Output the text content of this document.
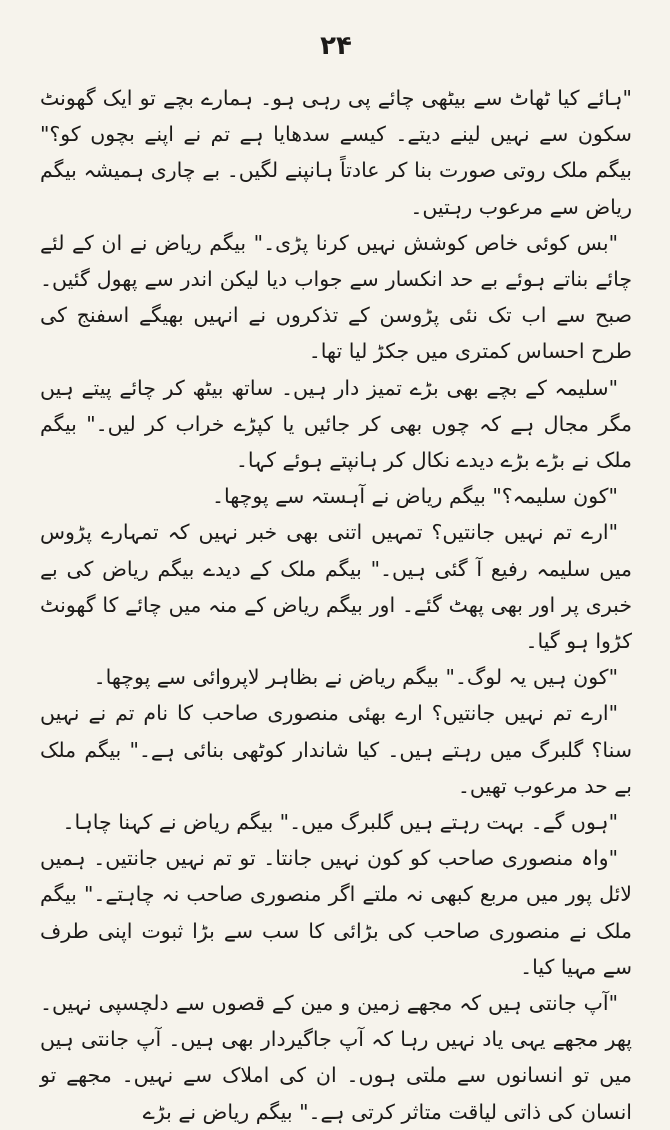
۲۴

"ہائے کیا ٹھاٹ سے بیٹھی چائے پی رہی ہو۔ ہمارے بچے تو ایک گھونٹ سکون سے نہیں لینے دیتے۔ کیسے سدھایا ہے تم نے اپنے بچوں کو؟" بیگم ملک روتی صورت بنا کر عادتاً ہانپنے لگیں۔ بے چاری ہمیشہ بیگم ریاض سے مرعوب رہتیں۔

"بس کوئی خاص کوشش نہیں کرنا پڑی۔" بیگم ریاض نے ان کے لئے چائے بناتے ہوئے بے حد انکسار سے جواب دیا لیکن اندر سے پھول گئیں۔ صبح سے اب تک نئی پڑوسن کے تذکروں نے انہیں بھیگے اسفنج کی طرح احساس کمتری میں جکڑ لیا تھا۔

"سلیمہ کے بچے بھی بڑے تمیز دار ہیں۔ ساتھ بیٹھ کر چائے پیتے ہیں مگر مجال ہے کہ چوں بھی کر جائیں یا کپڑے خراب کر لیں۔" بیگم ملک نے بڑے بڑے دیدے نکال کر ہانپتے ہوئے کہا۔

"کون سلیمہ؟" بیگم ریاض نے آہستہ سے پوچھا۔

"ارے تم نہیں جانتیں؟ تمہیں اتنی بھی خبر نہیں کہ تمہارے پڑوس میں سلیمہ رفیع آ گئی ہیں۔" بیگم ملک کے دیدے بیگم ریاض کی بے خبری پر اور بھی پھٹ گئے۔ اور بیگم ریاض کے منہ میں چائے کا گھونٹ کڑوا ہو گیا۔

"کون ہیں یہ لوگ۔" بیگم ریاض نے بظاہر لاپروائی سے پوچھا۔

"ارے تم نہیں جانتیں؟ ارے بھئی منصوری صاحب کا نام تم نے نہیں سنا؟ گلبرگ میں رہتے ہیں۔ کیا شاندار کوٹھی بنائی ہے۔" بیگم ملک بے حد مرعوب تھیں۔

"ہوں گے۔ بہت رہتے ہیں گلبرگ میں۔" بیگم ریاض نے کہنا چاہا۔

"واہ منصوری صاحب کو کون نہیں جانتا۔ تو تم نہیں جانتیں۔ ہمیں لائل پور میں مربع کبھی نہ ملتے اگر منصوری صاحب نہ چاہتے۔" بیگم ملک نے منصوری صاحب کی بڑائی کا سب سے بڑا ثبوت اپنی طرف سے مہیا کیا۔

"آپ جانتی ہیں کہ مجھے زمین و مین کے قصوں سے دلچسپی نہیں۔ پھر مجھے یہی یاد نہیں رہا کہ آپ جاگیردار بھی ہیں۔ آپ جانتی ہیں میں تو انسانوں سے ملتی ہوں۔ ان کی املاک سے نہیں۔ مجھے تو انسان کی ذاتی لیاقت متاثر کرتی ہے۔" بیگم ریاض نے بڑے
